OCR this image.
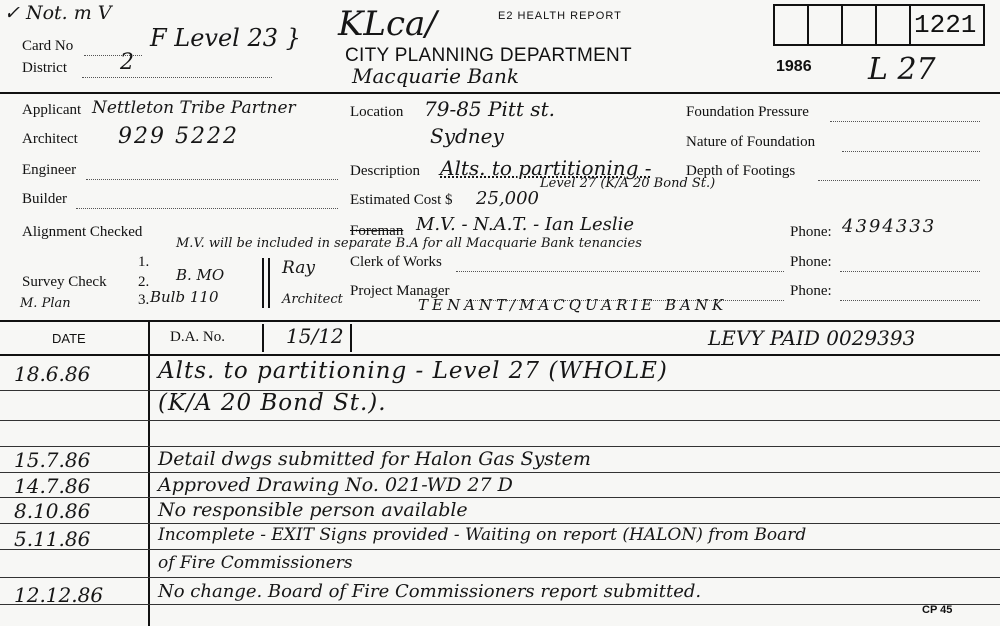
✓ Not. m V
Card No
District 2
F Level 23 } KLca/	E2 HEALTH REPORT
CITY PLANNING DEPARTMENT
Macquarie Bank	1986 L 27
1221
Applicant Nettleton Tribe Partner
Architect 929 5222
Engineer
Builder
Alignment Checked
Survey Check
1.
2.
3.
B. MO	Ray
Bulb 110	Architect
M. Plan
Location 79-85 Pitt st.
Sydney
Description Alts. to partitioning -
Level 27 (K/A 20 Bond St.)
Estimated Cost $ 25,000
Foreman M.V. - N.A.T. - Ian Leslie
M.V. will be included in separate B.A for all Macquarie Bank tenancies
Clerk of Works
Project Manager
TENANT/MACQUARIE BANK
Foundation Pressure
Nature of Foundation
Depth of Footings
Phone: 4394333
Phone:
Phone:
DATE	D.A. No.	15/12	LEVY PAID 0029393
18.6.86	Alts. to partitioning - Level 27 (WHOLE)
(K/A 20 Bond St.).
15.7.86	Detail dwgs submitted for Halon Gas System
14.7.86	Approved Drawing No. 021-WD 27 D
8.10.86	No responsible person available
5.11.86	Incomplete - EXIT Signs provided - Waiting on report (HALON) from Board
of Fire Commissioners
12.12.86	No change. Board of Fire Commissioners report submitted.
CP 45
